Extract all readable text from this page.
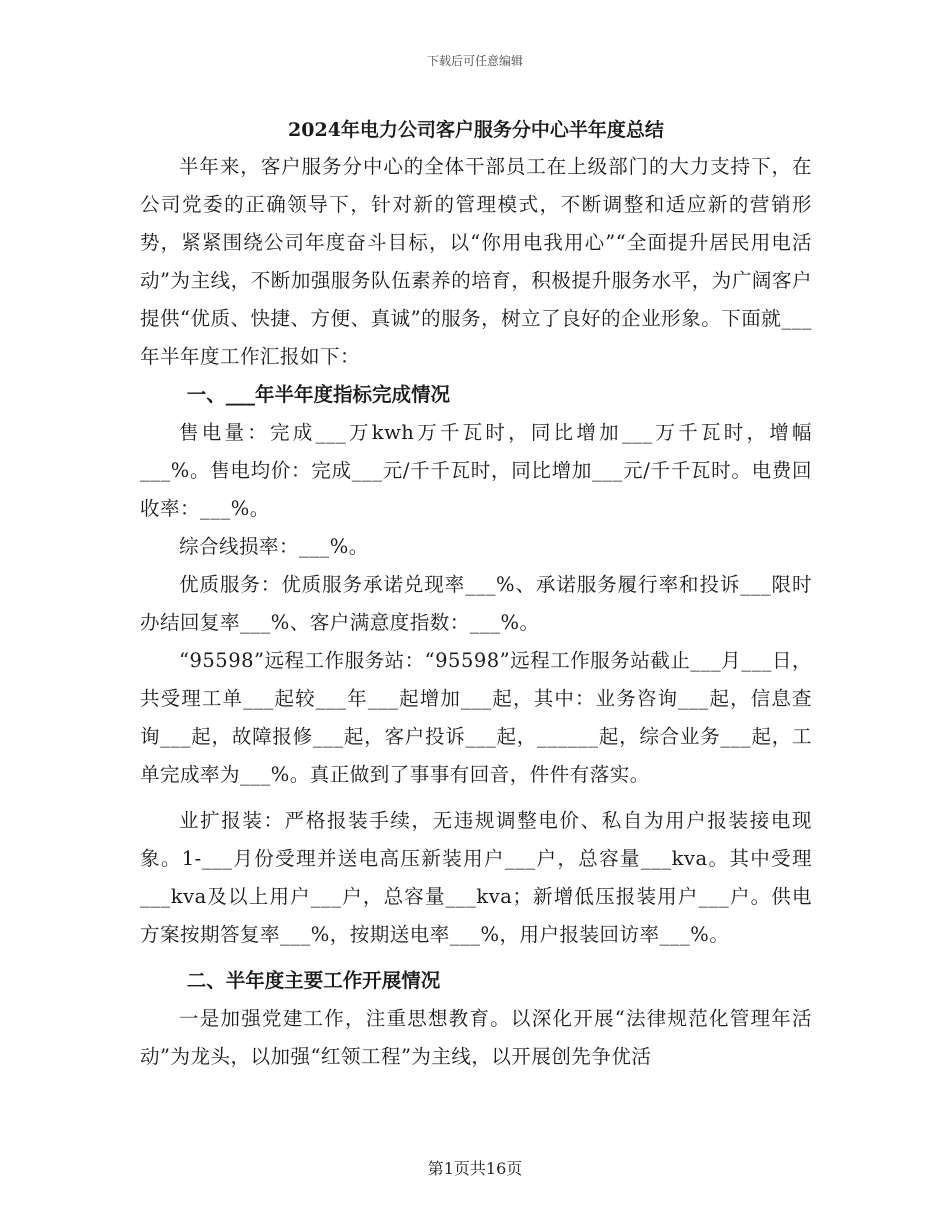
下载后可任意编辑
2024年电力公司客户服务分中心半年度总结

半年来，客户服务分中心的全体干部员工在上级部门的大力支持下，在公司党委的正确领导下，针对新的管理模式，不断调整和适应新的营销形势，紧紧围绕公司年度奋斗目标，以“你用电我用心”“全面提升居民用电活动”为主线，不断加强服务队伍素养的培育，积极提升服务水平，为广阔客户提供“优质、快捷、方便、真诚”的服务，树立了良好的企业形象。下面就___年半年度工作汇报如下：

一、___年半年度指标完成情况

售电量：完成___万kwh万千瓦时，同比增加___万千瓦时，增幅___%。售电均价：完成___元/千千瓦时，同比增加___元/千千瓦时。电费回收率：___%。

综合线损率：___%。

优质服务：优质服务承诺兑现率___%、承诺服务履行率和投诉___限时办结回复率___%、客户满意度指数：___%。

“95598”远程工作服务站：“95598”远程工作服务站截止___月___日，共受理工单___起较___年___起增加___起，其中：业务咨询___起，信息查询___起，故障报修___起，客户投诉___起，______起，综合业务___起，工单完成率为___%。真正做到了事事有回音，件件有落实。

业扩报装：严格报装手续，无违规调整电价、私自为用户报装接电现象。1-___月份受理并送电高压新装用户___户，总容量___kva。其中受理___kva及以上用户___户，总容量___kva；新增低压报装用户___户。供电方案按期答复率___%，按期送电率___%，用户报装回访率___%。

二、半年度主要工作开展情况

一是加强党建工作，注重思想教育。以深化开展“法律规范化管理年活动”为龙头，以加强“红领工程”为主线，以开展创先争优活

第1页共16页
